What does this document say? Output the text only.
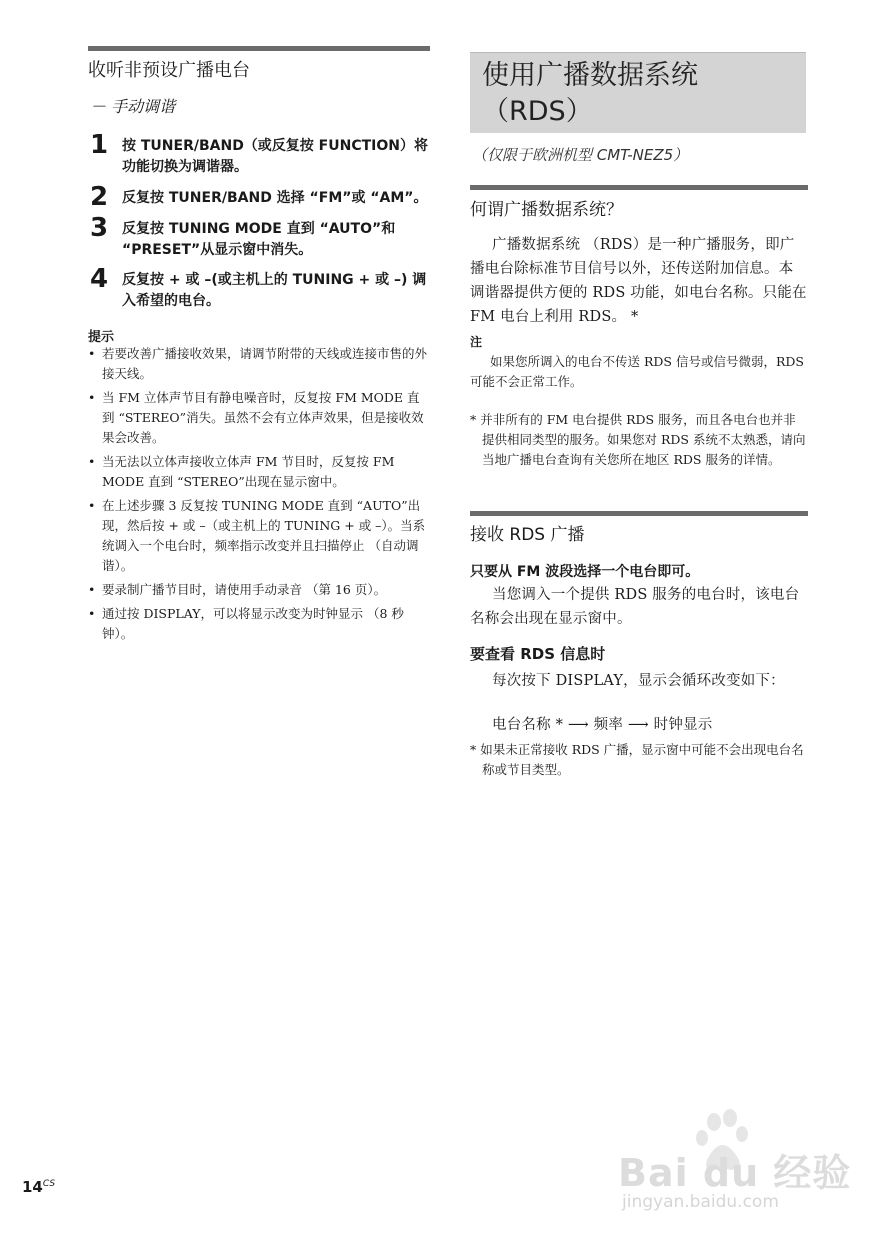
收听非预设广播电台
－ 手动调谐
1 按 TUNER/BAND（或反复按 FUNCTION）将功能切换为调谐器。
2 反复按 TUNER/BAND 选择 “FM”或 “AM”。
3 反复按 TUNING MODE 直到 “AUTO”和 “PRESET”从显示窗中消失。
4 反复按 + 或 –(或主机上的 TUNING + 或 –) 调入希望的电台。
提示
• 若要改善广播接收效果，请调节附带的天线或连接市售的外接天线。
• 当 FM 立体声节目有静电噪音时，反复按 FM MODE 直到 “STEREO”消失。虽然不会有立体声效果，但是接收效果会改善。
• 当无法以立体声接收立体声 FM 节目时，反复按 FM MODE 直到 “STEREO”出现在显示窗中。
• 在上述步骤 3 反复按 TUNING MODE 直到 “AUTO”出现，然后按 + 或 –（或主机上的 TUNING + 或 –）。当系统调入一个电台时，频率指示改变并且扫描停止 （自动调谐）。
• 要录制广播节目时，请使用手动录音 （第 16 页）。
• 通过按 DISPLAY，可以将显示改变为时钟显示 （8 秒钟）。
使用广播数据系统
（RDS）
（仅限于欧洲机型 CMT-NEZ5）
何谓广播数据系统？
广播数据系统 （RDS）是一种广播服务，即广播电台除标准节目信号以外，还传送附加信息。本调谐器提供方便的 RDS 功能，如电台名称。只能在 FM 电台上利用 RDS。 *
注
如果您所调入的电台不传送 RDS 信号或信号微弱，RDS 可能不会正常工作。
* 并非所有的 FM 电台提供 RDS 服务，而且各电台也并非提供相同类型的服务。如果您对 RDS 系统不太熟悉，请向当地广播电台查询有关您所在地区 RDS 服务的详情。
接收 RDS 广播
只要从 FM 波段选择一个电台即可。
当您调入一个提供 RDS 服务的电台时，该电台名称会出现在显示窗中。
要查看 RDS 信息时
每次按下 DISPLAY，显示会循环改变如下：
电台名称 * ⟶ 频率 ⟶ 时钟显示
* 如果未正常接收 RDS 广播，显示窗中可能不会出现电台名称或节目类型。
$14^{CS}$	Bai du 经验
jingyan.baidu.com
